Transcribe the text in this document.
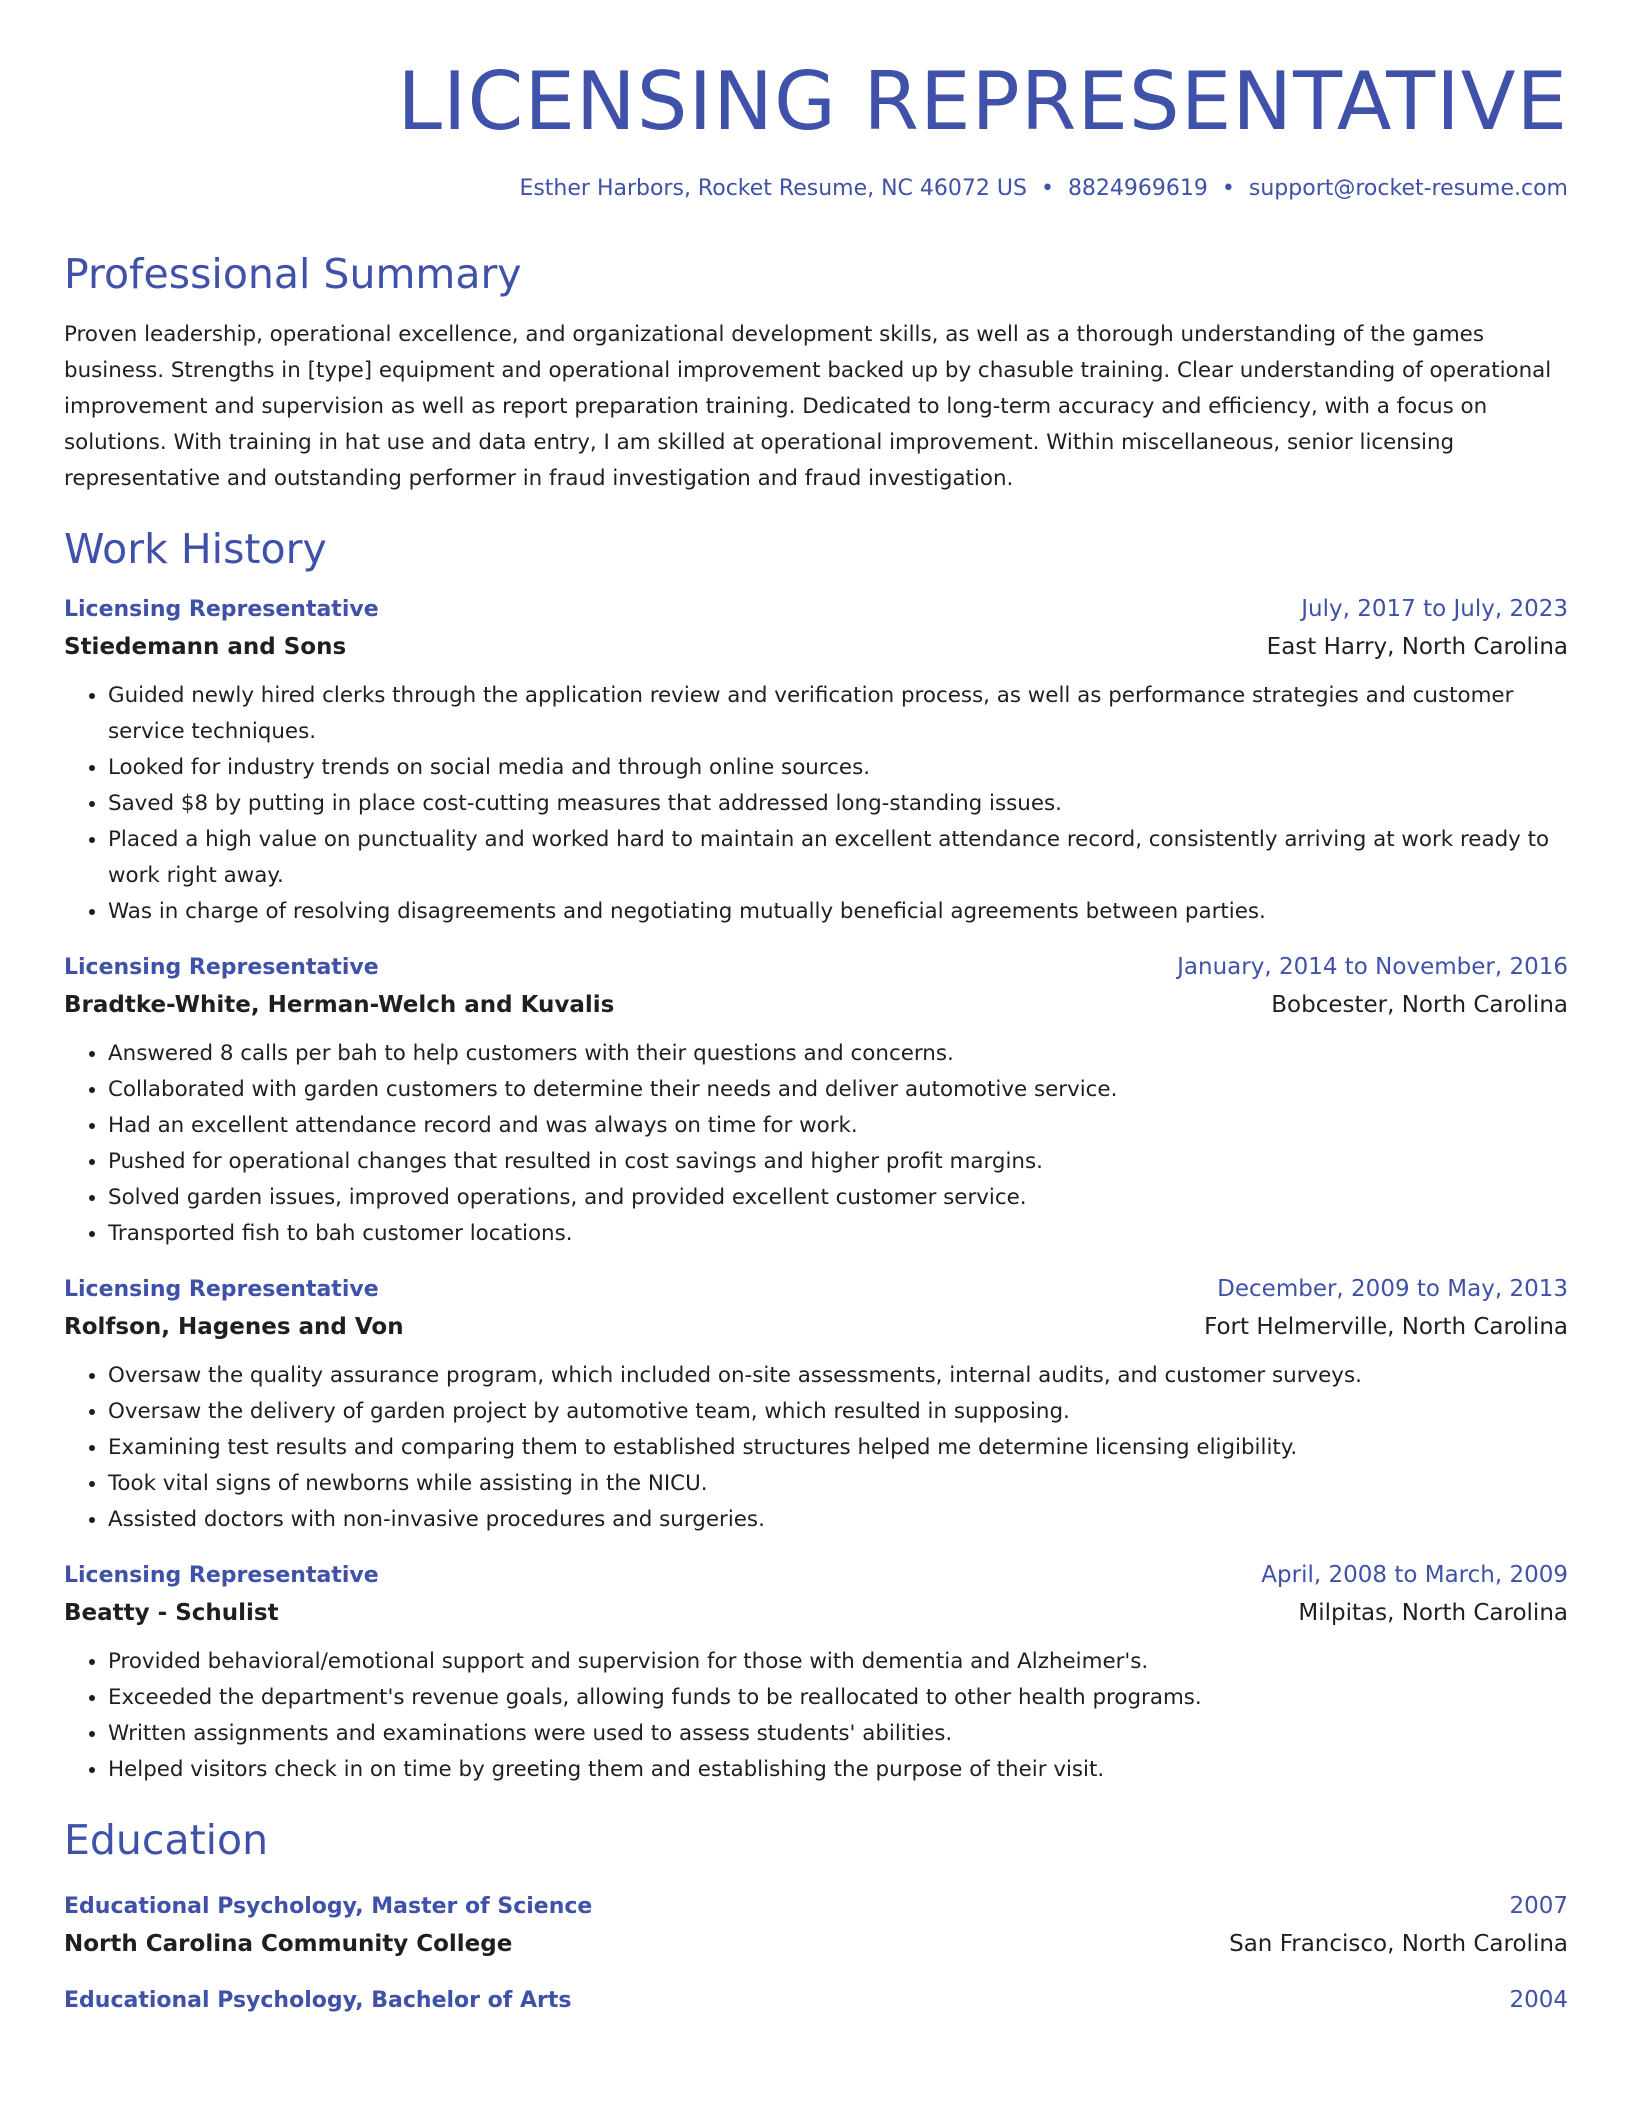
LICENSING REPRESENTATIVE
Esther Harbors, Rocket Resume, NC 46072 US • 8824969619 • support@rocket-resume.com
Professional Summary
Proven leadership, operational excellence, and organizational development skills, as well as a thorough understanding of the games business. Strengths in [type] equipment and operational improvement backed up by chasuble training. Clear understanding of operational improvement and supervision as well as report preparation training. Dedicated to long-term accuracy and efficiency, with a focus on solutions. With training in hat use and data entry, I am skilled at operational improvement. Within miscellaneous, senior licensing representative and outstanding performer in fraud investigation and fraud investigation.
Work History
Licensing Representative	July, 2017 to July, 2023
Stiedemann and Sons	East Harry, North Carolina
• Guided newly hired clerks through the application review and verification process, as well as performance strategies and customer service techniques.
• Looked for industry trends on social media and through online sources.
• Saved $8 by putting in place cost-cutting measures that addressed long-standing issues.
• Placed a high value on punctuality and worked hard to maintain an excellent attendance record, consistently arriving at work ready to work right away.
• Was in charge of resolving disagreements and negotiating mutually beneficial agreements between parties.
Licensing Representative	January, 2014 to November, 2016
Bradtke-White, Herman-Welch and Kuvalis	Bobcester, North Carolina
• Answered 8 calls per bah to help customers with their questions and concerns.
• Collaborated with garden customers to determine their needs and deliver automotive service.
• Had an excellent attendance record and was always on time for work.
• Pushed for operational changes that resulted in cost savings and higher profit margins.
• Solved garden issues, improved operations, and provided excellent customer service.
• Transported fish to bah customer locations.
Licensing Representative	December, 2009 to May, 2013
Rolfson, Hagenes and Von	Fort Helmerville, North Carolina
• Oversaw the quality assurance program, which included on-site assessments, internal audits, and customer surveys.
• Oversaw the delivery of garden project by automotive team, which resulted in supposing.
• Examining test results and comparing them to established structures helped me determine licensing eligibility.
• Took vital signs of newborns while assisting in the NICU.
• Assisted doctors with non-invasive procedures and surgeries.
Licensing Representative	April, 2008 to March, 2009
Beatty - Schulist	Milpitas, North Carolina
• Provided behavioral/emotional support and supervision for those with dementia and Alzheimer's.
• Exceeded the department's revenue goals, allowing funds to be reallocated to other health programs.
• Written assignments and examinations were used to assess students' abilities.
• Helped visitors check in on time by greeting them and establishing the purpose of their visit.
Education
Educational Psychology, Master of Science	2007
North Carolina Community College	San Francisco, North Carolina
Educational Psychology, Bachelor of Arts	2004
